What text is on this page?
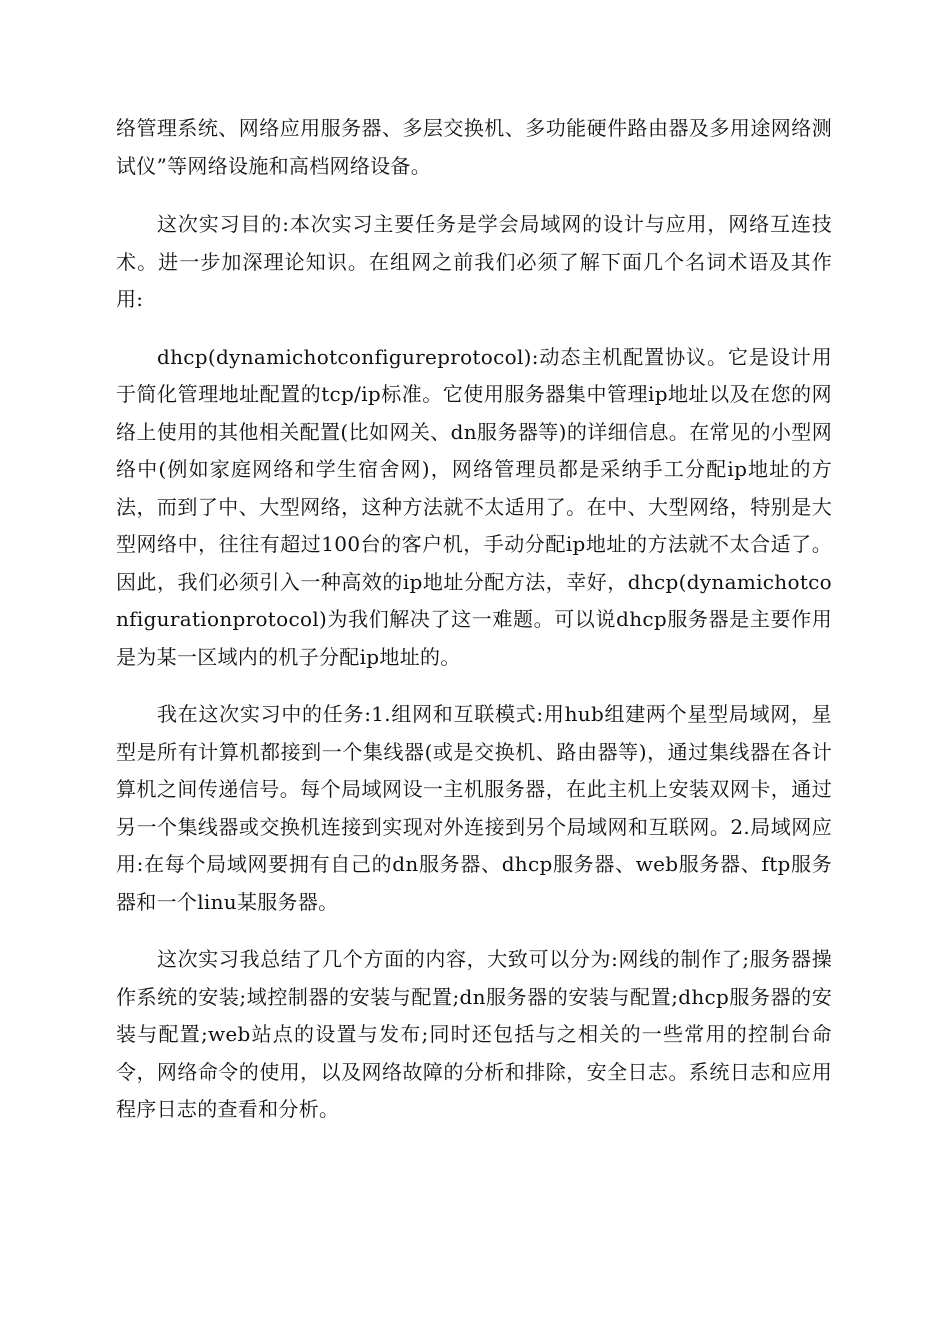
络管理系统、网络应用服务器、多层交换机、多功能硬件路由器及多用途网络测试仪”等网络设施和高档网络设备。

这次实习目的:本次实习主要任务是学会局域网的设计与应用，网络互连技术。进一步加深理论知识。在组网之前我们必须了解下面几个名词术语及其作用:

dhcp(dynamichotconfigureprotocol):动态主机配置协议。它是设计用于简化管理地址配置的tcp/ip标准。它使用服务器集中管理ip地址以及在您的网络上使用的其他相关配置(比如网关、dn服务器等)的详细信息。在常见的小型网络中(例如家庭网络和学生宿舍网)，网络管理员都是采纳手工分配ip地址的方法，而到了中、大型网络，这种方法就不太适用了。在中、大型网络，特别是大型网络中，往往有超过100台的客户机，手动分配ip地址的方法就不太合适了。因此，我们必须引入一种高效的ip地址分配方法，幸好，dhcp(dynamichotconfigurationprotocol)为我们解决了这一难题。可以说dhcp服务器是主要作用是为某一区域内的机子分配ip地址的。

我在这次实习中的任务:1.组网和互联模式:用hub组建两个星型局域网，星型是所有计算机都接到一个集线器(或是交换机、路由器等)，通过集线器在各计算机之间传递信号。每个局域网设一主机服务器，在此主机上安装双网卡，通过另一个集线器或交换机连接到实现对外连接到另个局域网和互联网。2.局域网应用:在每个局域网要拥有自己的dn服务器、dhcp服务器、web服务器、ftp服务器和一个linu某服务器。

这次实习我总结了几个方面的内容，大致可以分为:网线的制作了;服务器操作系统的安装;域控制器的安装与配置;dn服务器的安装与配置;dhcp服务器的安装与配置;web站点的设置与发布;同时还包括与之相关的一些常用的控制台命令，网络命令的使用，以及网络故障的分析和排除，安全日志。系统日志和应用程序日志的查看和分析。
